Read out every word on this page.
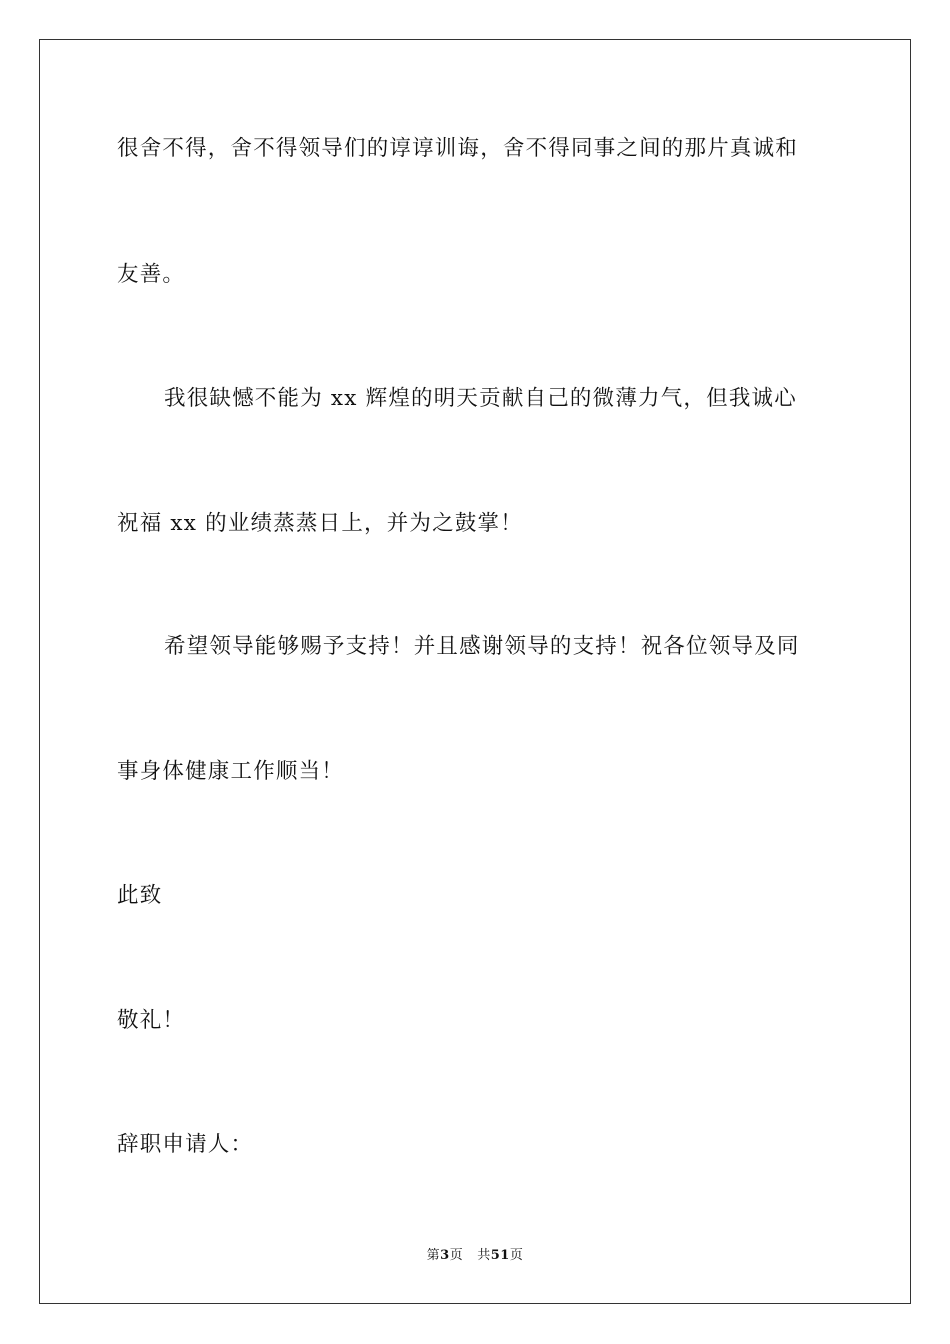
很舍不得，舍不得领导们的谆谆训诲，舍不得同事之间的那片真诚和
友善。
我很缺憾不能为 xx 辉煌的明天贡献自己的微薄力气，但我诚心
祝福 xx 的业绩蒸蒸日上，并为之鼓掌！
希望领导能够赐予支持！并且感谢领导的支持！祝各位领导及同
事身体健康工作顺当！
此致
敬礼！
辞职申请人：
第3页 共51页
